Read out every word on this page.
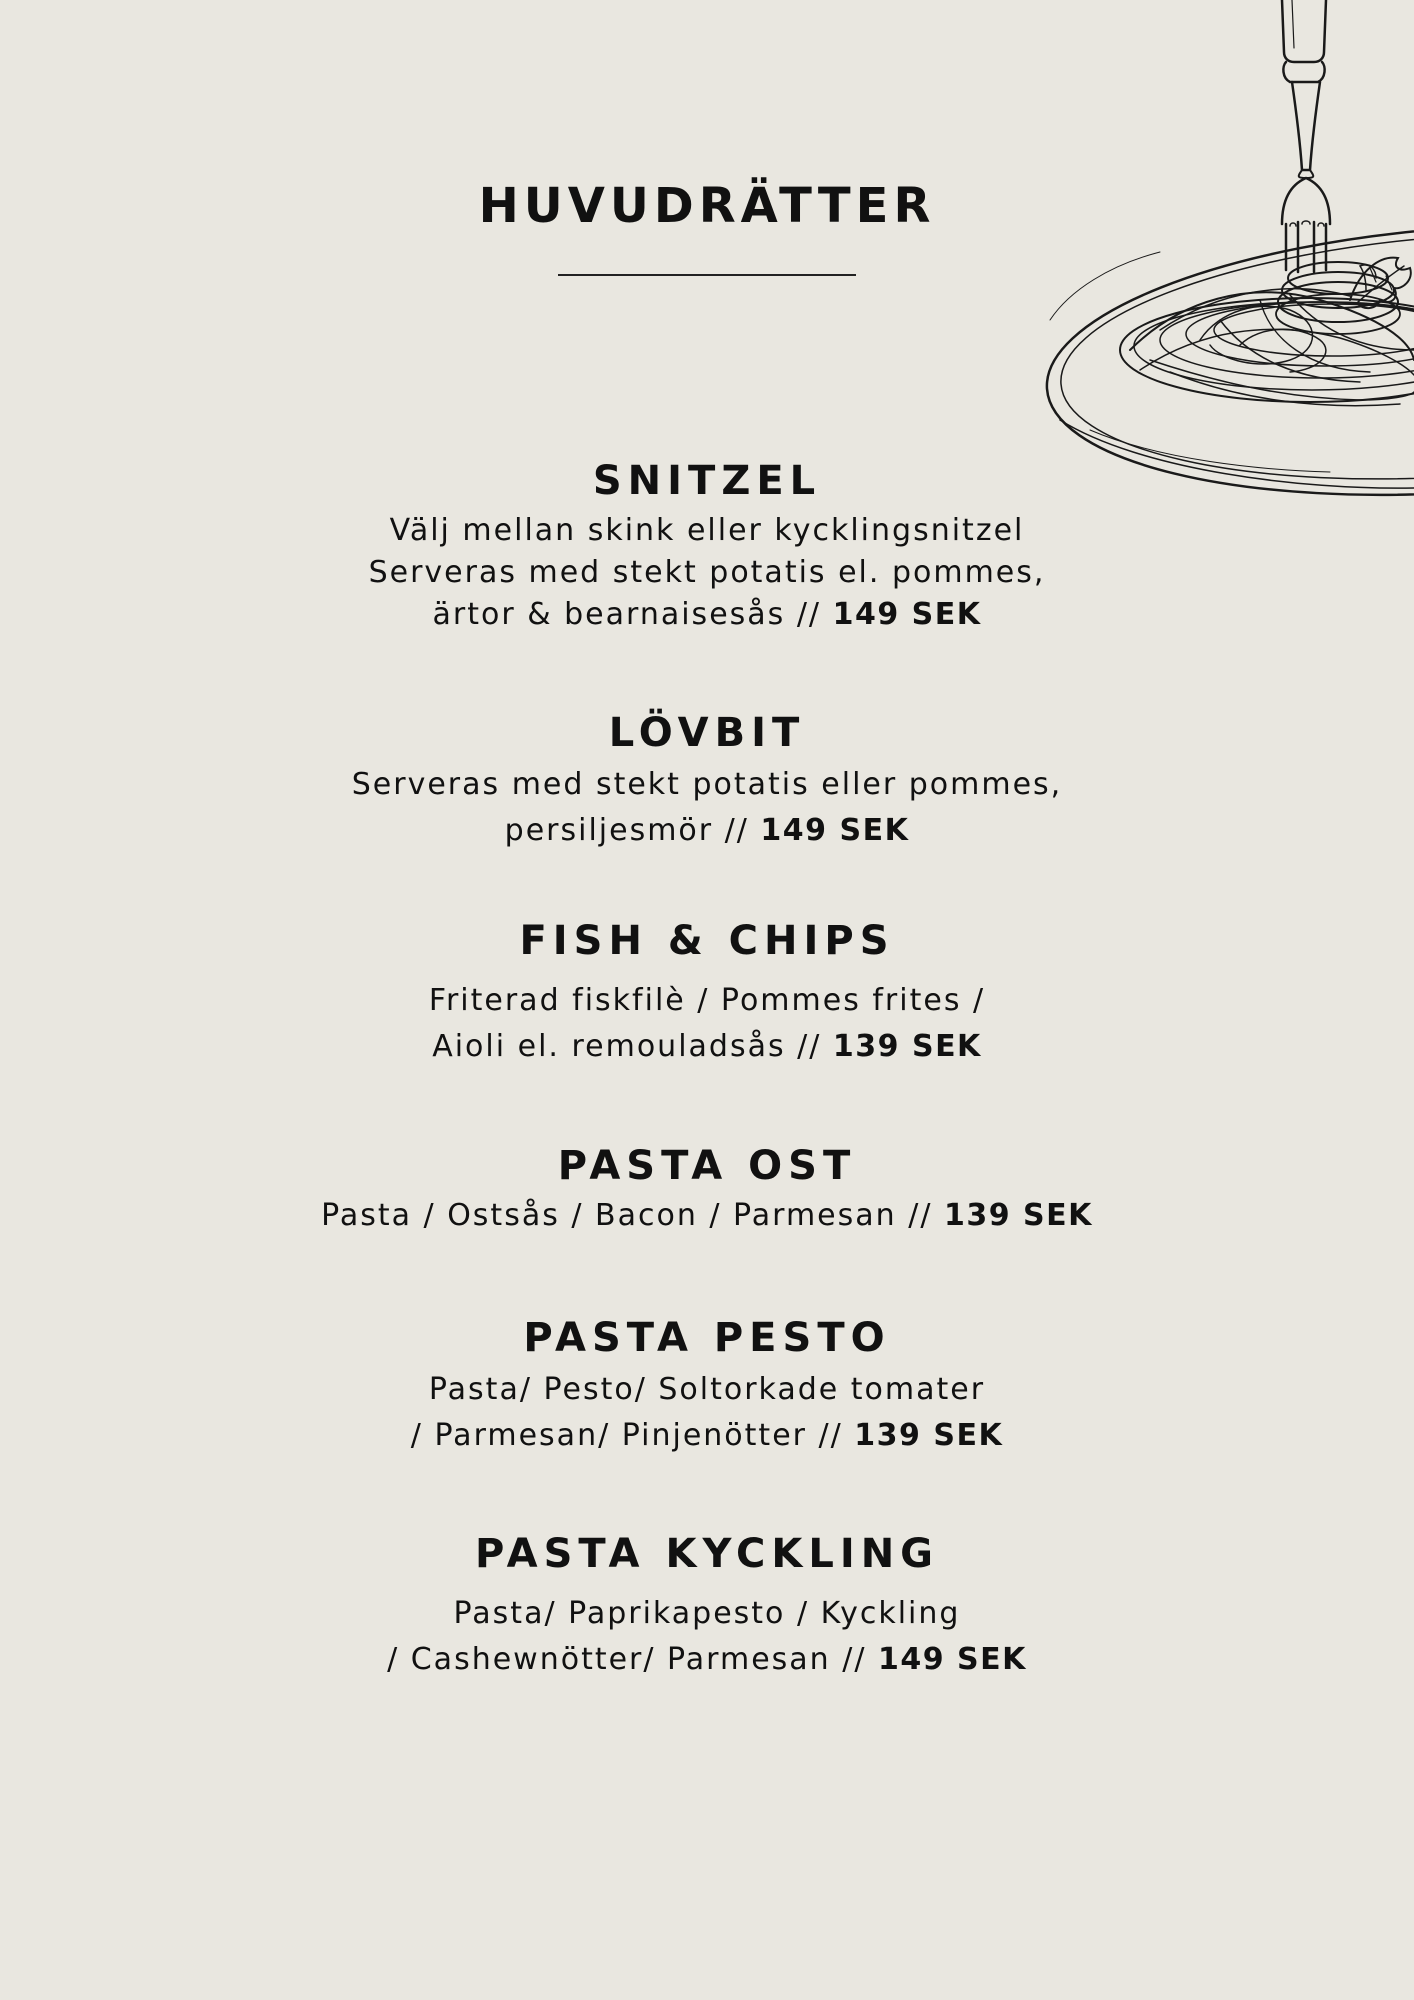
HUVUDRÄTTER
SNITZEL

Välj mellan skink eller kycklingsnitzel
Serveras med stekt potatis el. pommes,
ärtor & bearnaisesås // 149 SEK

LÖVBIT

Serveras med stekt potatis eller pommes,
persiljesmör // 149 SEK

FISH & CHIPS

Friterad fiskfilè / Pommes frites /
Aioli el. remouladsås // 139 SEK

PASTA OST

Pasta / Ostsås / Bacon / Parmesan // 139 SEK

PASTA PESTO

Pasta/ Pesto/ Soltorkade tomater
/ Parmesan/ Pinjenötter // 139 SEK

PASTA KYCKLING

Pasta/ Paprikapesto / Kyckling
/ Cashewnötter/ Parmesan // 149 SEK
